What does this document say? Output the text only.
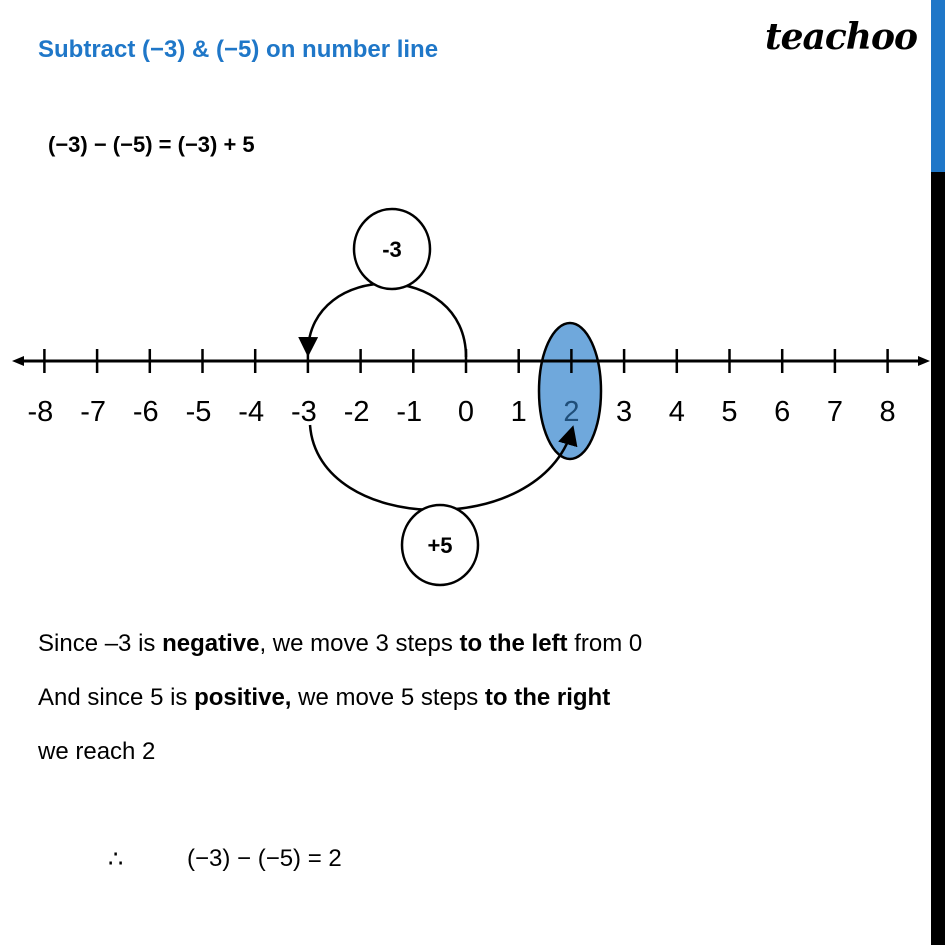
Subtract (−3) & (−5) on number line	teachoo
(−3) − (−5) = (−3) + 5
-8 -7 -6 -5 -4 -3 -2 -1 0 1 2 3 4 5 6 7 8
-3
+5
Since –3 is negative, we move 3 steps to the left from 0
And since 5 is positive, we move 5 steps to the right
we reach 2
∴	(−3) − (−5) = 2
